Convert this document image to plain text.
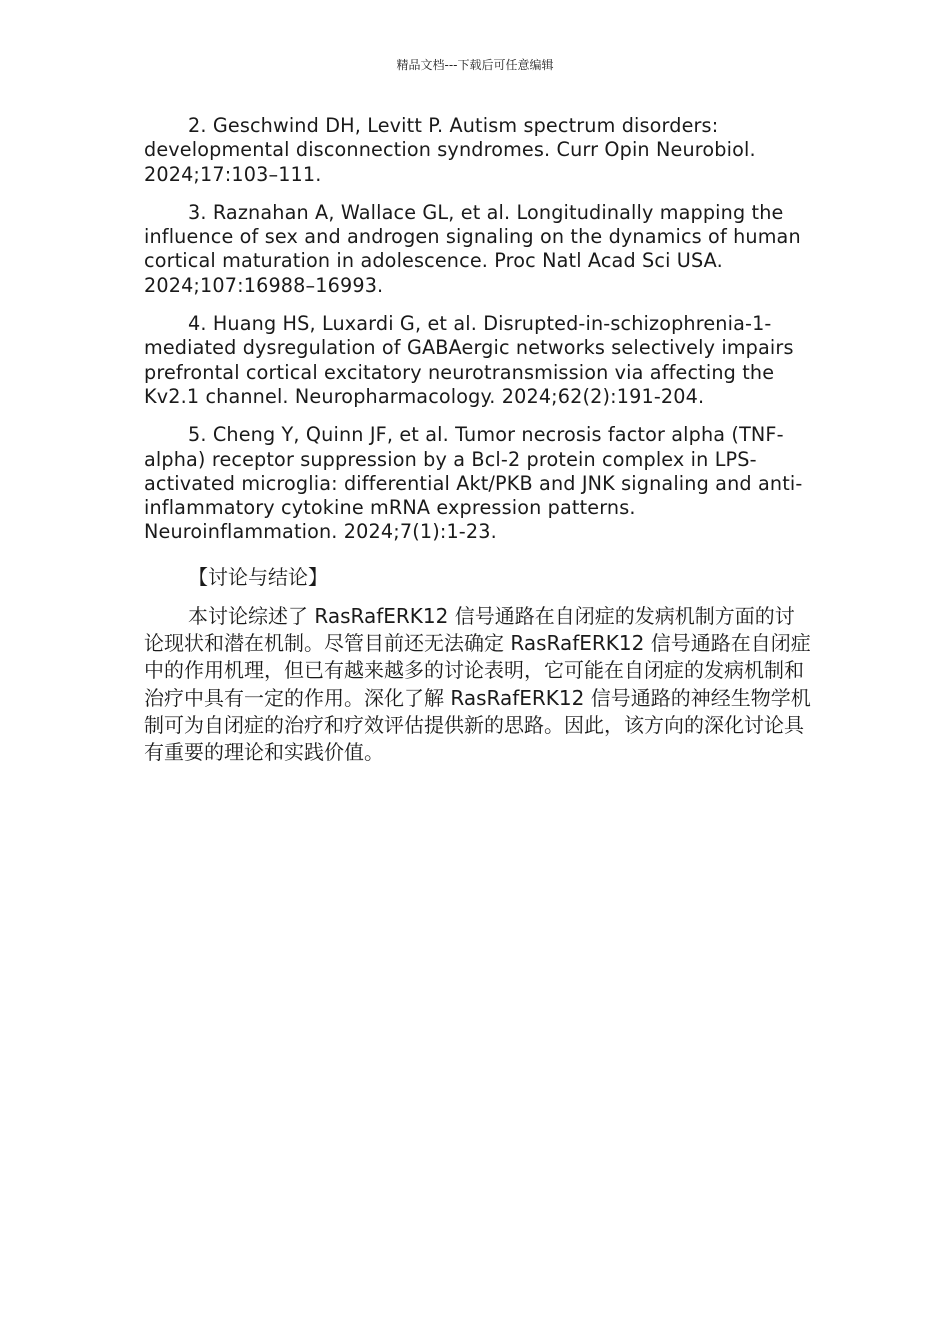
精品文档---下载后可任意编辑

2. Geschwind DH, Levitt P. Autism spectrum disorders: developmental disconnection syndromes. Curr Opin Neurobiol. 2024;17:103–111.

3. Raznahan A, Wallace GL, et al. Longitudinally mapping the influence of sex and androgen signaling on the dynamics of human cortical maturation in adolescence. Proc Natl Acad Sci USA. 2024;107:16988–16993.

4. Huang HS, Luxardi G, et al. Disrupted-in-schizophrenia-1-mediated dysregulation of GABAergic networks selectively impairs prefrontal cortical excitatory neurotransmission via affecting the Kv2.1 channel. Neuropharmacology. 2024;62(2):191-204.

5. Cheng Y, Quinn JF, et al. Tumor necrosis factor alpha (TNF-alpha) receptor suppression by a Bcl-2 protein complex in LPS-activated microglia: differential Akt/PKB and JNK signaling and anti-inflammatory cytokine mRNA expression patterns. Neuroinflammation. 2024;7(1):1-23.

【讨论与结论】

本讨论综述了 RasRafERK12 信号通路在自闭症的发病机制方面的讨论现状和潜在机制。尽管目前还无法确定 RasRafERK12 信号通路在自闭症中的作用机理，但已有越来越多的讨论表明，它可能在自闭症的发病机制和治疗中具有一定的作用。深化了解 RasRafERK12 信号通路的神经生物学机制可为自闭症的治疗和疗效评估提供新的思路。因此，该方向的深化讨论具有重要的理论和实践价值。
